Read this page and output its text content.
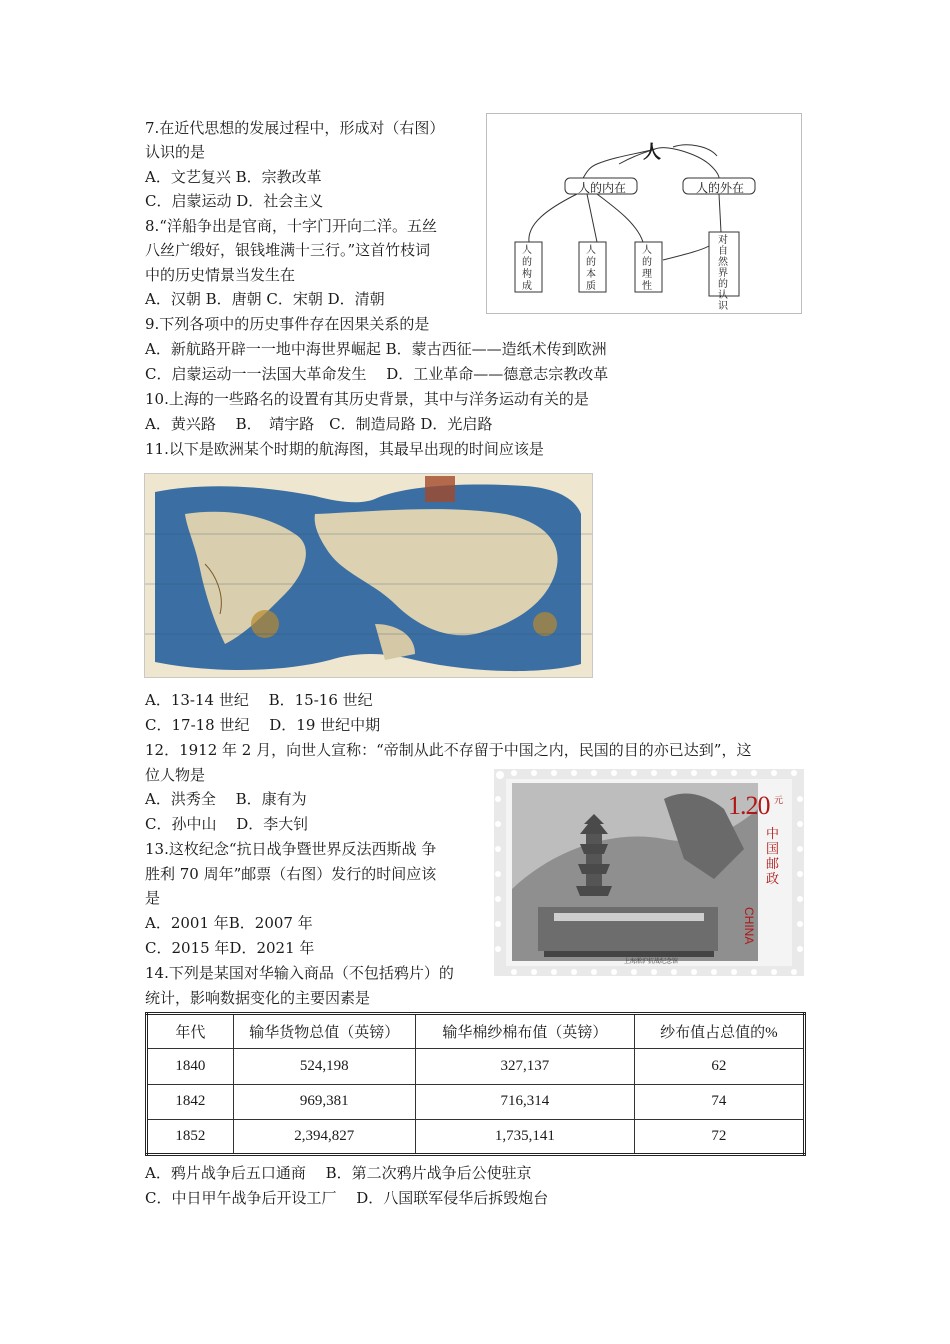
7.在近代思想的发展过程中，形成对（右图）
认识的是
A．文艺复兴 B．宗教改革
C．启蒙运动 D．社会主义
人
人的内在	人的外在
人的构成
人的本质
人的理性
对自然界的认识
8.“洋船争出是官商，十字门开向二洋。五丝
八丝广缎好，银钱堆满十三行。”这首竹枝词
中的历史情景当发生在
A．汉朝 B．唐朝 C．宋朝 D．清朝
9.下列各项中的历史事件存在因果关系的是
A．新航路开辟一一地中海世界崛起 B．蒙古西征——造纸术传到欧洲
C．启蒙运动一一法国大革命发生　 D．工业革命——德意志宗教改革
10.上海的一些路名的设置有其历史背景，其中与洋务运动有关的是
A．黄兴路　 B．　靖宇路　C．制造局路 D．光启路
11.以下是欧洲某个时期的航海图，其最早出现的时间应该是
A．13-14 世纪　 B．15-16 世纪
C．17-18 世纪　 D．19 世纪中期
12．1912 年 2 月，向世人宣称：“帝制从此不存留于中国之内，民国的目的亦已达到”，这
位人物是
A．洪秀全　 B．康有为
C．孙中山　 D．李大钊
1.20 元
中国邮政
CHINA
上海淞沪抗战纪念馆
13.这枚纪念“抗日战争暨世界反法西斯战 争
胜利 70 周年”邮票（右图）发行的时间应该
是
A．2001 年B．2007 年
C．2015 年D．2021 年
14.下列是某国对华输入商品（不包括鸦片）的
统计，影响数据变化的主要因素是
年代	输华货物总值（英镑）	输华棉纱棉布值（英镑）	纱布值占总值的%
1840	524,198	327,137	62
1842	969,381	716,314	74
1852	2,394,827	1,735,141	72
A．鸦片战争后五口通商　 B．第二次鸦片战争后公使驻京
C．中日甲午战争后开设工厂　 D．八国联军侵华后拆毁炮台
